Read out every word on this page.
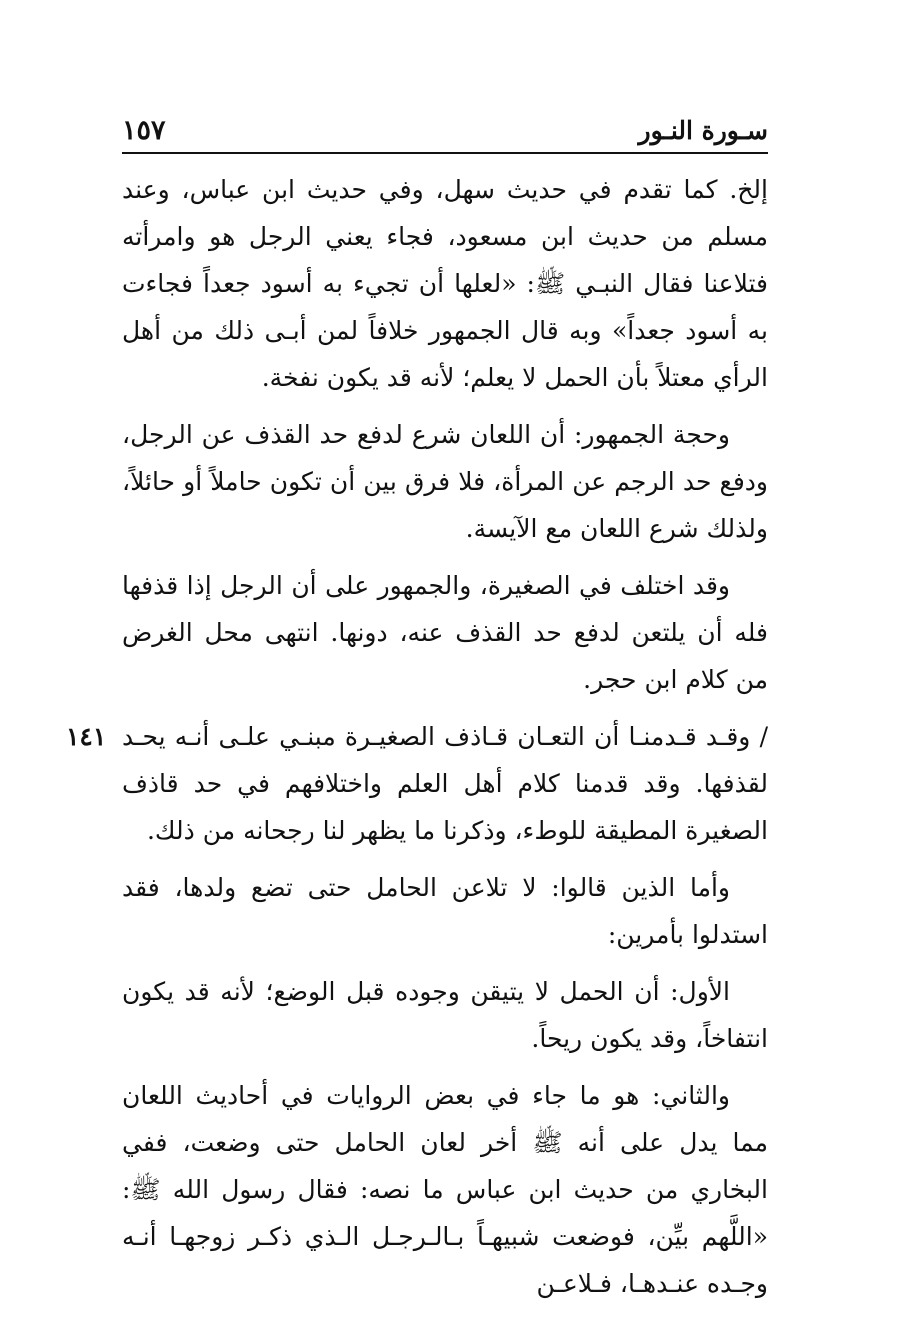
سـورة النـور
١٥٧

إلخ. كما تقدم في حديث سهل، وفي حديث ابن عباس، وعند مسلم من حديث ابن مسعود، فجاء يعني الرجل هو وامرأته فتلاعنا فقال النبـي ﷺ: «لعلها أن تجيء به أسود جعداً فجاءت به أسود جعداً» وبه قال الجمهور خلافاً لمن أبـى ذلك من أهل الرأي معتلاً بأن الحمل لا يعلم؛ لأنه قد يكون نفخة.

وحجة الجمهور: أن اللعان شرع لدفع حد القذف عن الرجل، ودفع حد الرجم عن المرأة، فلا فرق بين أن تكون حاملاً أو حائلاً، ولذلك شرع اللعان مع الآيسة.

وقد اختلف في الصغيرة، والجمهور على أن الرجل إذا قذفها فله أن يلتعن لدفع حد القذف عنه، دونها. انتهى محل الغرض من كلام ابن حجر.

١٤١ / وقـد قـدمنـا أن التعـان قـاذف الصغيـرة مبنـي علـى أنـه يحـد لقذفها. وقد قدمنا كلام أهل العلم واختلافهم في حد قاذف الصغيرة المطيقة للوطء، وذكرنا ما يظهر لنا رجحانه من ذلك.

وأما الذين قالوا: لا تلاعن الحامل حتى تضع ولدها، فقد استدلوا بأمرين:

الأول: أن الحمل لا يتيقن وجوده قبل الوضع؛ لأنه قد يكون انتفاخاً، وقد يكون ريحاً.

والثاني: هو ما جاء في بعض الروايات في أحاديث اللعان مما يدل على أنه ﷺ أخر لعان الحامل حتى وضعت، ففي البخاري من حديث ابن عباس ما نصه: فقال رسول الله ﷺ: «اللَّهم بيِّن، فوضعت شبيهـاً بـالـرجـل الـذي ذكـر زوجهـا أنـه وجـده عنـدهـا، فـلاعـن
